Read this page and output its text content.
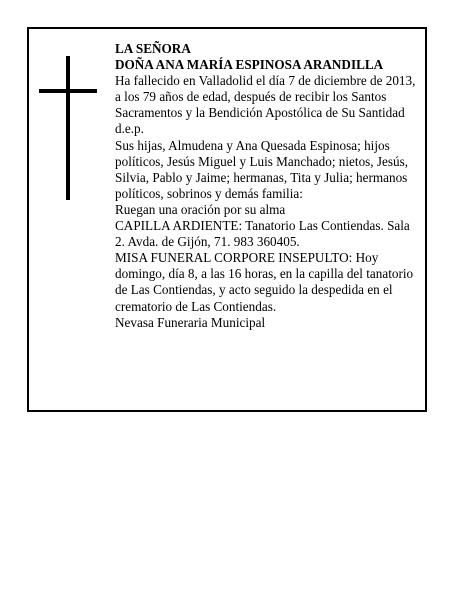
LA SEÑORA

DOÑA ANA MARÍA ESPINOSA ARANDILLA

Ha fallecido en Valladolid el día 7 de diciembre de 2013, a los 79 años de edad, después de recibir los Santos Sacramentos y la Bendición Apostólica de Su Santidad

d.e.p.

Sus hijas, Almudena y Ana Quesada Espinosa; hijos políticos, Jesús Miguel y Luis Manchado; nietos, Jesús, Silvia, Pablo y Jaime; hermanas, Tita y Julia; hermanos políticos, sobrinos y demás familia:

Ruegan una oración por su alma

CAPILLA ARDIENTE: Tanatorio Las Contiendas. Sala 2. Avda. de Gijón, 71. 983 360405.

MISA FUNERAL CORPORE INSEPULTO: Hoy domingo, día 8, a las 16 horas, en la capilla del tanatorio de Las Contiendas, y acto seguido la despedida en el crematorio de Las Contiendas.

Nevasa Funeraria Municipal
